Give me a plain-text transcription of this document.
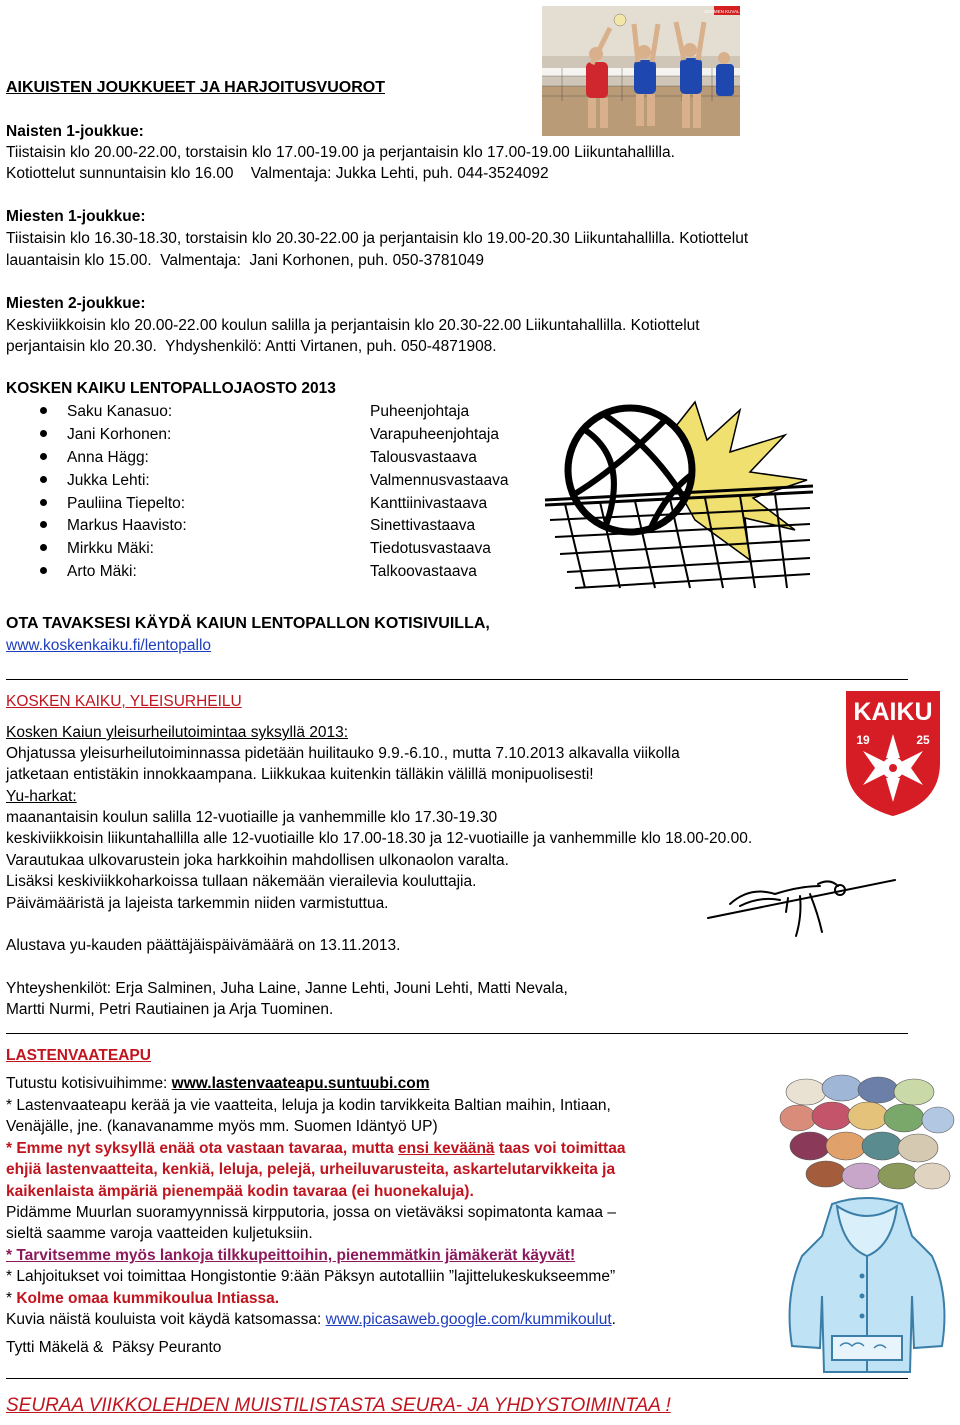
SUOMEN KUVALEHTI
AIKUISTEN JOUKKUEET JA HARJOITUSVUOROT
Naisten 1-joukkue:
Tiistaisin klo 20.00-22.00, torstaisin klo 17.00-19.00 ja perjantaisin klo 17.00-19.00 Liikuntahallilla.
Kotiottelut sunnuntaisin klo 16.00    Valmentaja: Jukka Lehti, puh. 044-3524092
Miesten 1-joukkue:
Tiistaisin klo 16.30-18.30, torstaisin klo 20.30-22.00 ja perjantaisin klo 19.00-20.30 Liikuntahallilla. Kotiottelut
lauantaisin klo 15.00.  Valmentaja:  Jani Korhonen, puh. 050-3781049
Miesten 2-joukkue:
Keskiviikkoisin klo 20.00-22.00 koulun salilla ja perjantaisin klo 20.30-22.00 Liikuntahallilla. Kotiottelut
perjantaisin klo 20.30.  Yhdyshenkilö: Antti Virtanen, puh. 050-4871908.
KOSKEN KAIKU LENTOPALLOJAOSTO 2013
Saku Kanasuo:	Puheenjohtaja
Jani Korhonen:	Varapuheenjohtaja
Anna Hägg:	Talousvastaava
Jukka Lehti:	Valmennusvastaava
Pauliina Tiepelto:	Kanttiinivastaava
Markus Haavisto:	Sinettivastaava
Mirkku Mäki:	Tiedotusvastaava
Arto Mäki:	Talkoovastaava
OTA TAVAKSESI KÄYDÄ KAIUN LENTOPALLON KOTISIVUILLA,
www.koskenkaiku.fi/lentopallo
KOSKEN KAIKU, YLEISURHEILU
Kosken Kaiun yleisurheilutoimintaa syksyllä 2013:
Ohjatussa yleisurheilutoiminnassa pidetään huilitauko 9.9.-6.10., mutta 7.10.2013 alkavalla viikolla
jatketaan entistäkin innokkaampana. Liikkukaa kuitenkin tälläkin välillä monipuolisesti!
Yu-harkat:
maanantaisin koulun salilla 12-vuotiaille ja vanhemmille klo 17.30-19.30
keskiviikkoisin liikuntahallilla alle 12-vuotiaille klo 17.00-18.30 ja 12-vuotiaille ja vanhemmille klo 18.00-20.00.
Varautukaa ulkovarustein joka harkkoihin mahdollisen ulkonaolon varalta.
Lisäksi keskiviikkoharkoissa tullaan näkemään vierailevia kouluttajia.
Päivämääristä ja lajeista tarkemmin niiden varmistuttua.
Alustava yu-kauden päättäjäispäivämäärä on 13.11.2013.
Yhteyshenkilöt: Erja Salminen, Juha Laine, Janne Lehti, Jouni Lehti, Matti Nevala,
Martti Nurmi, Petri Rautiainen ja Arja Tuominen.
KAIKU
19	25
LASTENVAATEAPU
Tutustu kotisivuihimme: www.lastenvaateapu.suntuubi.com
* Lastenvaateapu kerää ja vie vaatteita, leluja ja kodin tarvikkeita Baltian maihin, Intiaan,
Venäjälle, jne. (kanavanamme myös mm. Suomen Idäntyö UP)
* Emme nyt syksyllä enää ota vastaan tavaraa, mutta ensi keväänä taas voi toimittaa
ehjiä lastenvaatteita, kenkiä, leluja, pelejä, urheiluvarusteita, askartelutarvikkeita ja
kaikenlaista ämpäriä pienempää kodin tavaraa (ei huonekaluja).
Pidämme Muurlan suoramyynnissä kirpputoria, jossa on vietäväksi sopimatonta kamaa –
sieltä saamme varoja vaatteiden kuljetuksiin.
* Tarvitsemme myös lankoja tilkkupeittoihin, pienemmätkin jämäkerät käyvät!
* Lahjoitukset voi toimittaa Hongistontie 9:ään Päksyn autotalliin ”lajittelukeskukseemme”
* Kolme omaa kummikoulua Intiassa.
Kuvia näistä kouluista voit käydä katsomassa: www.picasaweb.google.com/kummikoulut.
Tytti Mäkelä &  Päksy Peuranto
SEURAA VIIKKOLEHDEN MUISTILISTASTA SEURA- JA YHDYSTOIMINTAA !
